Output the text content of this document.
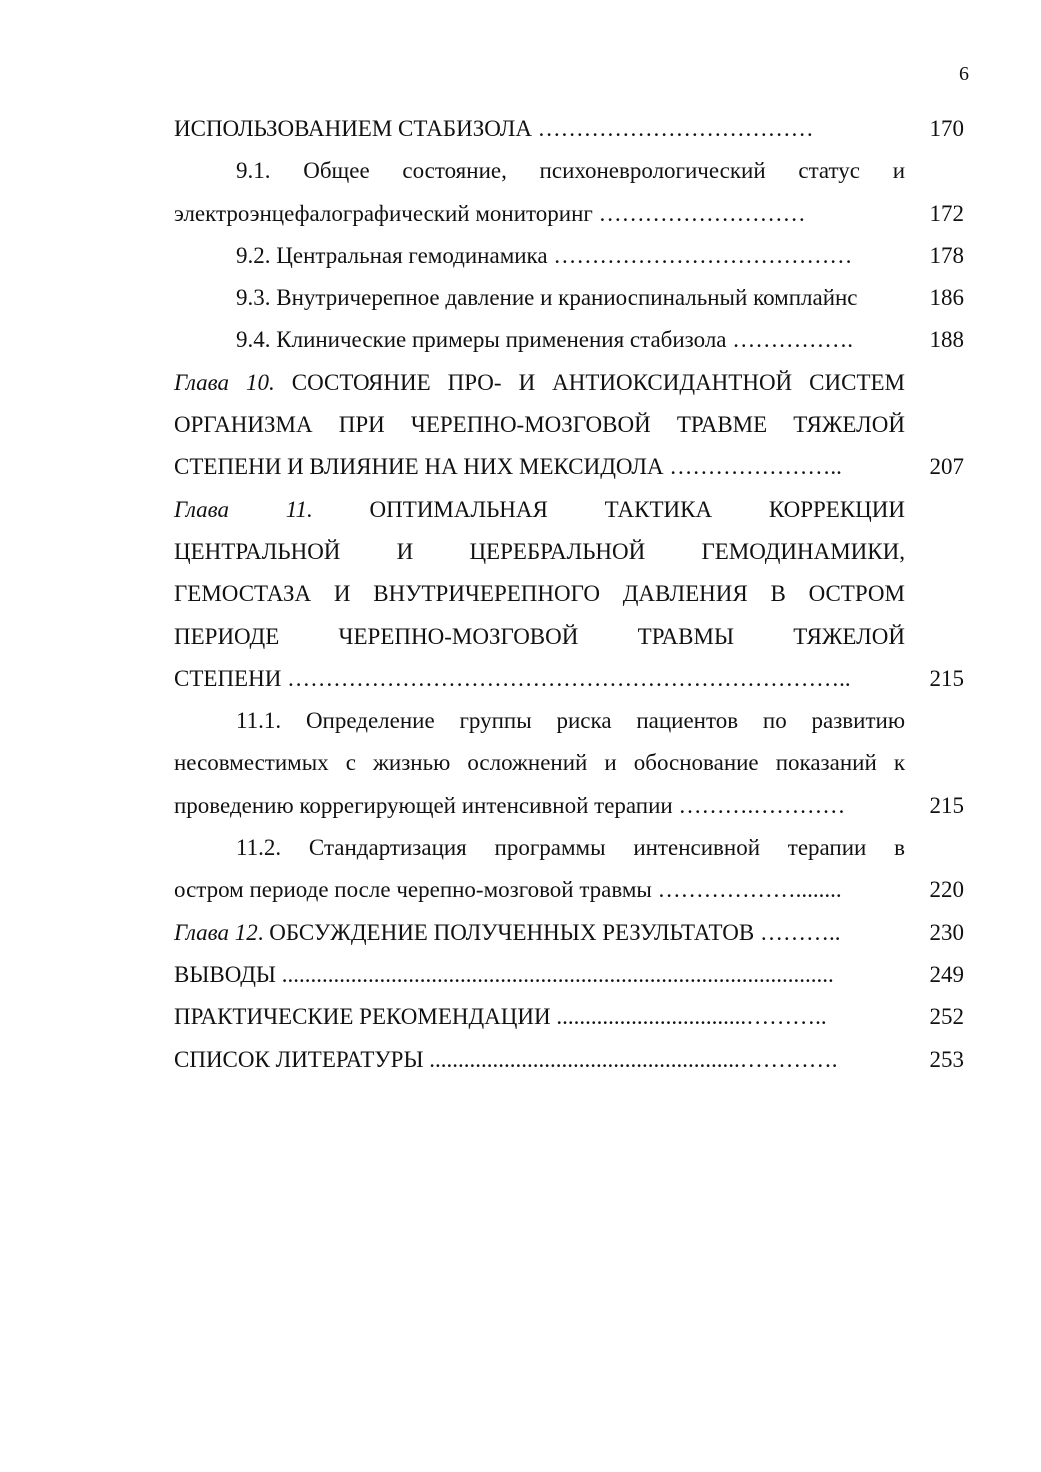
6
ИСПОЛЬЗОВАНИЕМ СТАБИЗОЛА ………………………………	170
9.1. Общее состояние, психоневрологический статус и
электроэнцефалографический мониторинг ………………………	172
9.2. Центральная гемодинамика …………………………………	178
9.3. Внутричерепное давление и краниоспинальный комплайнс	186
9.4. Клинические примеры применения стабизола …………….	188
Глава 10. СОСТОЯНИЕ ПРО- И АНТИОКСИДАНТНОЙ СИСТЕМ
ОРГАНИЗМА ПРИ ЧЕРЕПНО-МОЗГОВОЙ ТРАВМЕ ТЯЖЕЛОЙ
СТЕПЕНИ И ВЛИЯНИЕ НА НИХ МЕКСИДОЛА …………………..	207
Глава 11. ОПТИМАЛЬНАЯ ТАКТИКА КОРРЕКЦИИ
ЦЕНТРАЛЬНОЙ И ЦЕРЕБРАЛЬНОЙ ГЕМОДИНАМИКИ,
ГЕМОСТАЗА И ВНУТРИЧЕРЕПНОГО ДАВЛЕНИЯ В ОСТРОМ
ПЕРИОДЕ ЧЕРЕПНО-МОЗГОВОЙ ТРАВМЫ ТЯЖЕЛОЙ
СТЕПЕНИ ………………………………………………………………..	215
11.1. Определение группы риска пациентов по развитию
несовместимых с жизнью осложнений и обоснование показаний к
проведению коррегирующей интенсивной терапии ……….…………	215
11.2. Стандартизация программы интенсивной терапии в
остром периоде после черепно-мозговой травмы ………………........	220
Глава 12. ОБСУЖДЕНИЕ ПОЛУЧЕННЫХ РЕЗУЛЬТАТОВ ………..	230
ВЫВОДЫ ................................................................................................	249
ПРАКТИЧЕСКИЕ РЕКОМЕНДАЦИИ .................................………..	252
СПИСОК ЛИТЕРАТУРЫ ......................................................………….	253
